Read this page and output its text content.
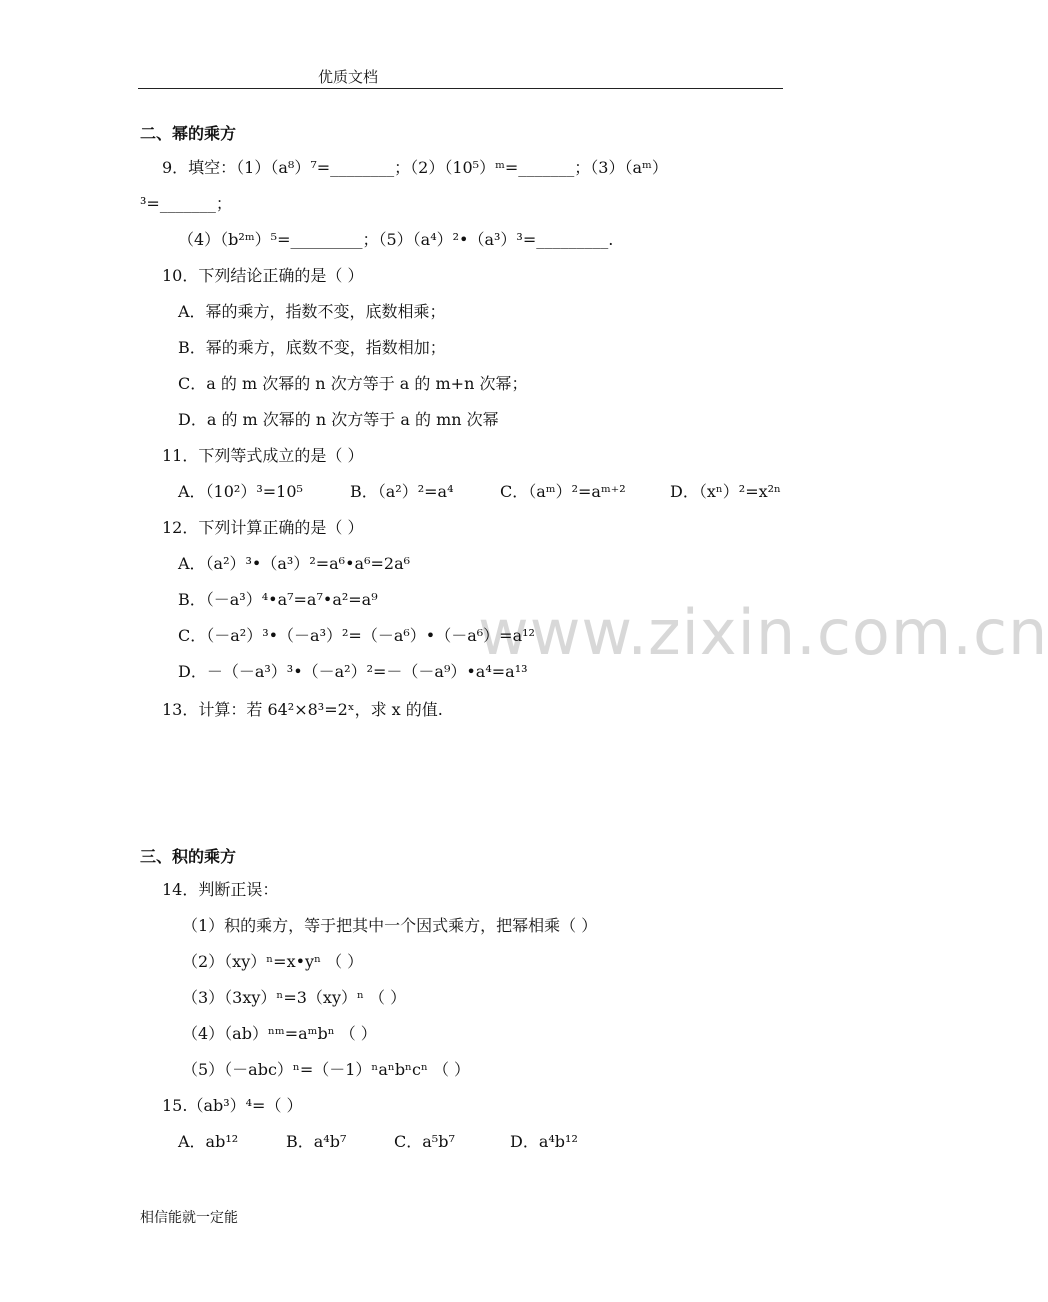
优质文档
www.zixin.com.cn
二、幂的乘方
9．填空：（1）（a⁸）⁷=________；（2）（10⁵）ᵐ=_______；（3）（aᵐ）
³=_______；
（4）（b²ᵐ）⁵=_________；（5）（a⁴）²•（a³）³=_________.
10．下列结论正确的是（ ）
A．幂的乘方，指数不变，底数相乘；
B．幂的乘方，底数不变，指数相加；
C．a 的 m 次幂的 n 次方等于 a 的 m+n 次幂；
D．a 的 m 次幂的 n 次方等于 a 的 mn 次幂
11．下列等式成立的是（ ）
A．（10²）³=10⁵	B．（a²）²=a⁴	C．（aᵐ）²=aᵐ⁺²	D．（xⁿ）²=x²ⁿ
12．下列计算正确的是（ ）
A．（a²）³•（a³）²=a⁶•a⁶=2a⁶
B．（－a³）⁴•a⁷=a⁷•a²=a⁹
C．（－a²）³•（－a³）²=（－a⁶）•（－a⁶）=a¹²
D．－（－a³）³•（－a²）²=－（－a⁹）•a⁴=a¹³
13．计算：若 64²×8³=2ˣ，求 x 的值.
三、积的乘方
14．判断正误：
（1）积的乘方，等于把其中一个因式乘方，把幂相乘（ ）
（2）（xy）ⁿ=x•yⁿ （ ）
（3）（3xy）ⁿ=3（xy）ⁿ （ ）
（4）（ab）ⁿᵐ=aᵐbⁿ （ ）
（5）（－abc）ⁿ=（－1）ⁿaⁿbⁿcⁿ （ ）
15.（ab³）⁴=（ ）
A．ab¹²	B．a⁴b⁷	C．a⁵b⁷	D．a⁴b¹²
相信能就一定能
